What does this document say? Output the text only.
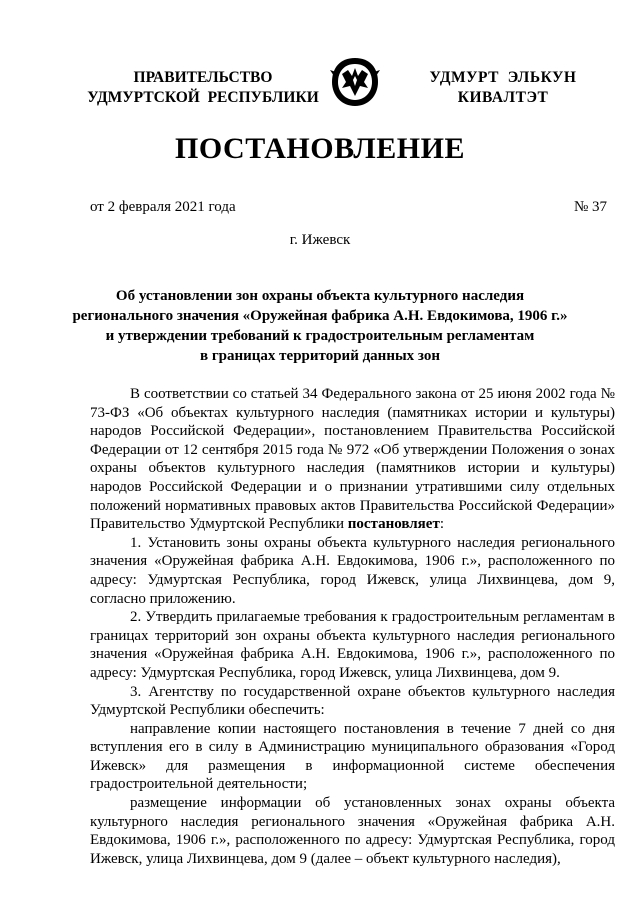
ПРАВИТЕЛЬСТВО
УДМУРТСКОЙ  РЕСПУБЛИКИ
УДМУРТ  ЭЛЬКУН
КИВАЛТЭТ
ПОСТАНОВЛЕНИЕ
от 2 февраля 2021 года	№ 37
г. Ижевск
Об установлении зон охраны объекта культурного наследия
регионального значения «Оружейная фабрика А.Н. Евдокимова, 1906 г.»
и утверждении требований к градостроительным регламентам
в границах территорий данных зон

В соответствии со статьей 34 Федерального закона от 25 июня 2002 года № 73-ФЗ «Об объектах культурного наследия (памятниках истории и культуры) народов Российской Федерации», постановлением Правительства Российской Федерации от 12 сентября 2015 года № 972 «Об утверждении Положения о зонах охраны объектов культурного наследия (памятников истории и культуры) народов Российской Федерации и о признании утратившими силу отдельных положений нормативных правовых актов Правительства Российской Федерации» Правительство Удмуртской Республики постановляет:

1. Установить зоны охраны объекта культурного наследия регионального значения «Оружейная фабрика А.Н. Евдокимова, 1906 г.», расположенного по адресу: Удмуртская Республика, город Ижевск, улица Лихвинцева, дом 9, согласно приложению.

2. Утвердить прилагаемые требования к градостроительным регламентам в границах территорий зон охраны объекта культурного наследия регионального значения «Оружейная фабрика А.Н. Евдокимова, 1906 г.», расположенного по адресу: Удмуртская Республика, город Ижевск, улица Лихвинцева, дом 9.

3. Агентству по государственной охране объектов культурного наследия Удмуртской Республики обеспечить:

направление копии настоящего постановления в течение 7 дней со дня вступления его в силу в Администрацию муниципального образования «Город Ижевск» для размещения в информационной системе обеспечения градостроительной деятельности;

размещение информации об установленных зонах охраны объекта культурного наследия регионального значения «Оружейная фабрика А.Н. Евдокимова, 1906 г.», расположенного по адресу: Удмуртская Республика, город Ижевск, улица Лихвинцева, дом 9 (далее – объект культурного наследия),
